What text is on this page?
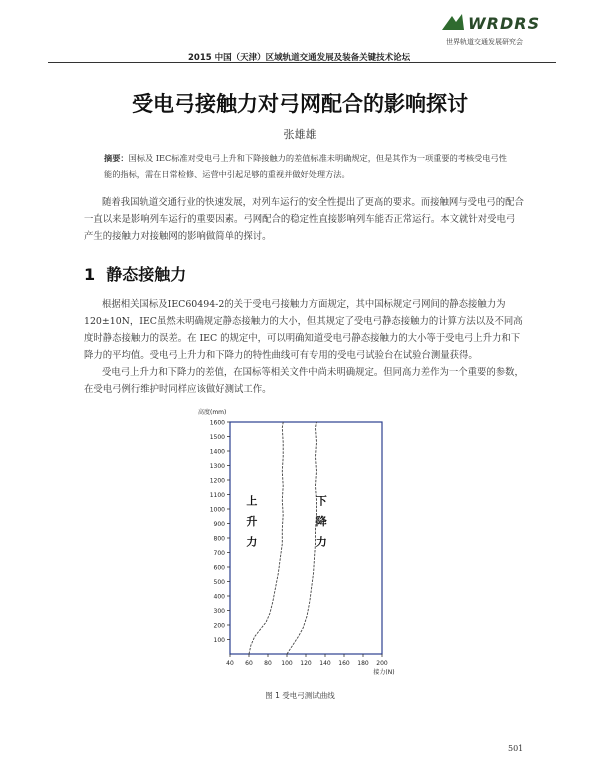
WRDRS
世界轨道交通发展研究会
2015 中国（天津）区域轨道交通发展及装备关键技术论坛
受电弓接触力对弓网配合的影响探讨
张雄雄
摘要：国标及 IEC标准对受电弓上升和下降接触力的差值标准未明确规定，但是其作为一项重要的考核受电弓性能的指标，需在日常检修、运营中引起足够的重视并做好处理方法。
随着我国轨道交通行业的快速发展，对列车运行的安全性提出了更高的要求。而接触网与受电弓的配合一直以来是影响列车运行的重要因素。弓网配合的稳定性直接影响列车能否正常运行。本文就针对受电弓产生的接触力对接触网的影响做简单的探讨。
1 静态接触力
根据相关国标及IEC60494-2的关于受电弓接触力方面规定，其中国标规定弓网间的静态接触力为120±10N，IEC虽然未明确规定静态接触力的大小，但其规定了受电弓静态接触力的计算方法以及不同高度时静态接触力的误差。在 IEC 的规定中，可以明确知道受电弓静态接触力的大小等于受电弓上升力和下降力的平均值。受电弓上升力和下降力的特性曲线可有专用的受电弓试验台在试验台测量获得。
受电弓上升力和下降力的差值，在国标等相关文件中尚未明确规定。但同高力差作为一个重要的参数，在受电弓例行维护时同样应该做好测试工作。
100
200
300
400
500
600
700
800
900
1000
1100
1200
1300
1400
1500
1600
40 60 80 100 120 140 160 180 200
高度(mm)
接力(N)
上
升
力
下
降
力
图 1 受电弓测试曲线
501
